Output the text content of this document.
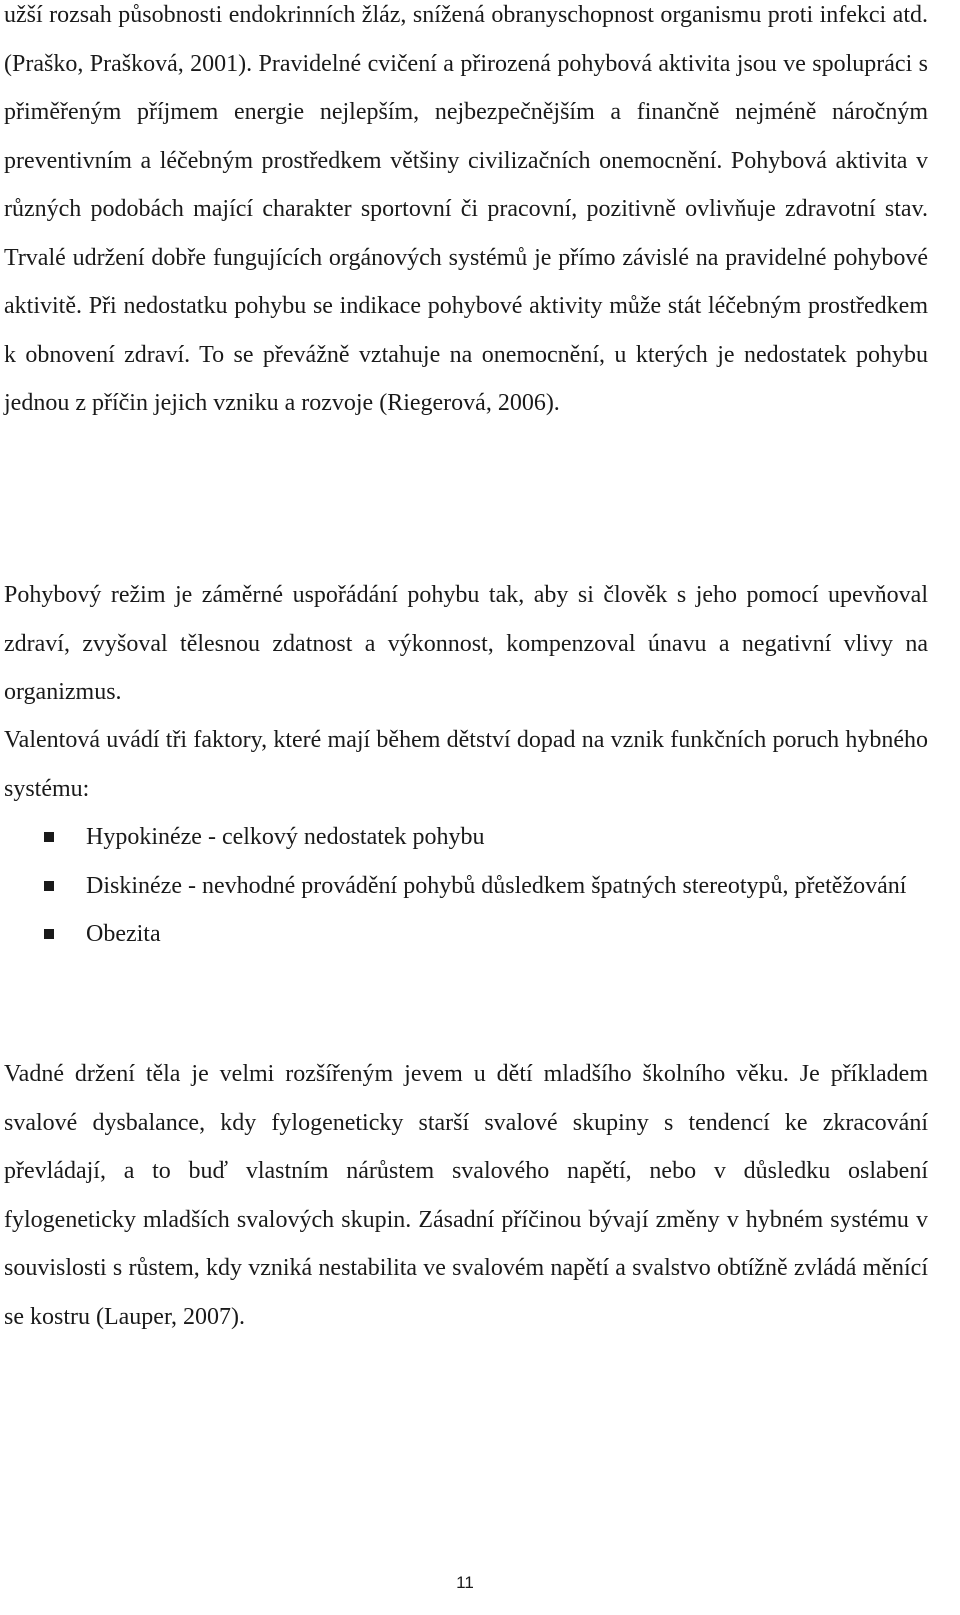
užší rozsah působnosti endokrinních žláz, snížená obranyschopnost organismu proti infekci atd. (Praško, Prašková, 2001). Pravidelné cvičení a přirozená pohybová aktivita jsou ve spolupráci s přiměřeným příjmem energie nejlepším, nejbezpečnějším a finančně nejméně náročným preventivním a léčebným prostředkem většiny civilizačních onemocnění. Pohybová aktivita v různých podobách mající charakter sportovní či pracovní, pozitivně ovlivňuje zdravotní stav. Trvalé udržení dobře fungujících orgánových systémů je přímo závislé na pravidelné pohybové aktivitě. Při nedostatku pohybu se indikace pohybové aktivity může stát léčebným prostředkem k obnovení zdraví. To se převážně vztahuje na onemocnění, u kterých je nedostatek pohybu jednou z příčin jejich vzniku a rozvoje (Riegerová, 2006).

Pohybový režim je záměrné uspořádání pohybu tak, aby si člověk s jeho pomocí upevňoval zdraví, zvyšoval tělesnou zdatnost a výkonnost, kompenzoval únavu a negativní vlivy na organizmus.

Valentová uvádí tři faktory, které mají během dětství dopad na vznik funkčních poruch hybného systému:

Hypokinéze - celkový nedostatek pohybu
Diskinéze - nevhodné provádění pohybů důsledkem špatných stereotypů, přetěžování
Obezita

Vadné držení těla je velmi rozšířeným jevem u dětí mladšího školního věku. Je příkladem svalové dysbalance, kdy fylogeneticky starší svalové skupiny s tendencí ke zkracování převládají, a to buď vlastním nárůstem svalového napětí, nebo v důsledku oslabení fylogeneticky mladších svalových skupin. Zásadní příčinou bývají změny v hybném systému v souvislosti s růstem, kdy vzniká nestabilita ve svalovém napětí a svalstvo obtížně zvládá měnící se kostru (Lauper, 2007).

11
